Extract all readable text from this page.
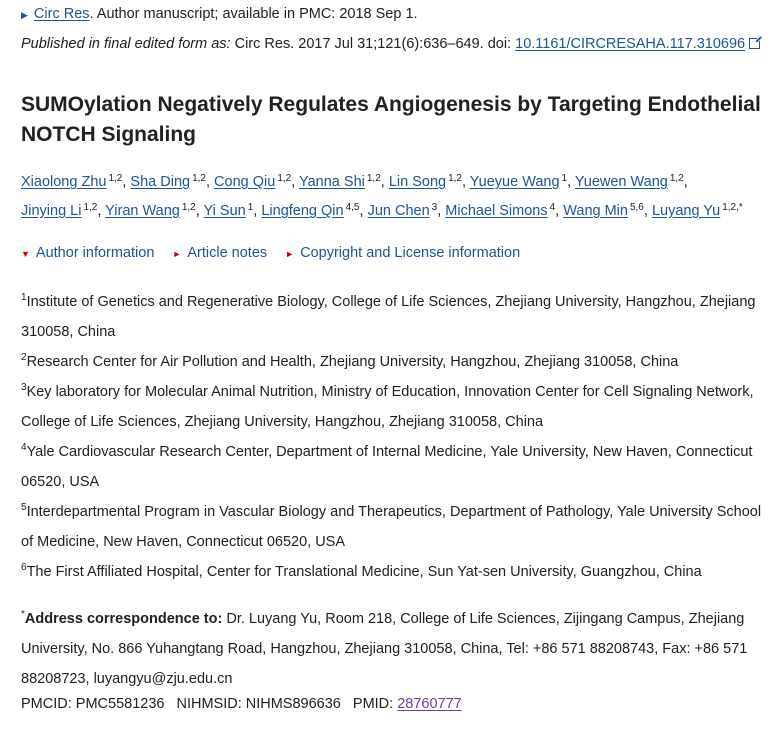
▶ Circ Res. Author manuscript; available in PMC: 2018 Sep 1.
Published in final edited form as: Circ Res. 2017 Jul 31;121(6):636–649. doi: 10.1161/CIRCRESAHA.117.310696
SUMOylation Negatively Regulates Angiogenesis by Targeting Endothelial NOTCH Signaling
Xiaolong Zhu $^{1,2}$, Sha Ding $^{1,2}$, Cong Qiu $^{1,2}$, Yanna Shi $^{1,2}$, Lin Song $^{1,2}$, Yueyue Wang $^1$, Yuewen Wang $^{1,2}$, Jinying Li $^{1,2}$, Yiran Wang $^{1,2}$, Yi Sun $^1$, Lingfeng Qin $^{4,5}$, Jun Chen $^3$, Michael Simons $^4$, Wang Min $^{5,6}$, Luyang Yu $^{1,2,*}$
▼ Author information ► Article notes ► Copyright and License information
$^1$Institute of Genetics and Regenerative Biology, College of Life Sciences, Zhejiang University, Hangzhou, Zhejiang 310058, China
$^2$Research Center for Air Pollution and Health, Zhejiang University, Hangzhou, Zhejiang 310058, China
$^3$Key laboratory for Molecular Animal Nutrition, Ministry of Education, Innovation Center for Cell Signaling Network, College of Life Sciences, Zhejiang University, Hangzhou, Zhejiang 310058, China
$^4$Yale Cardiovascular Research Center, Department of Internal Medicine, Yale University, New Haven, Connecticut 06520, USA
$^5$Interdepartmental Program in Vascular Biology and Therapeutics, Department of Pathology, Yale University School of Medicine, New Haven, Connecticut 06520, USA
$^6$The First Affiliated Hospital, Center for Translational Medicine, Sun Yat-sen University, Guangzhou, China
*Address correspondence to: Dr. Luyang Yu, Room 218, College of Life Sciences, Zijingang Campus, Zhejiang University, No. 866 Yuhangtang Road, Hangzhou, Zhejiang 310058, China, Tel: +86 571 88208743, Fax: +86 571 88208723, luyangyu@zju.edu.cn
PMCID: PMC5581236 NIHMSID: NIHMS896636 PMID: 28760777
